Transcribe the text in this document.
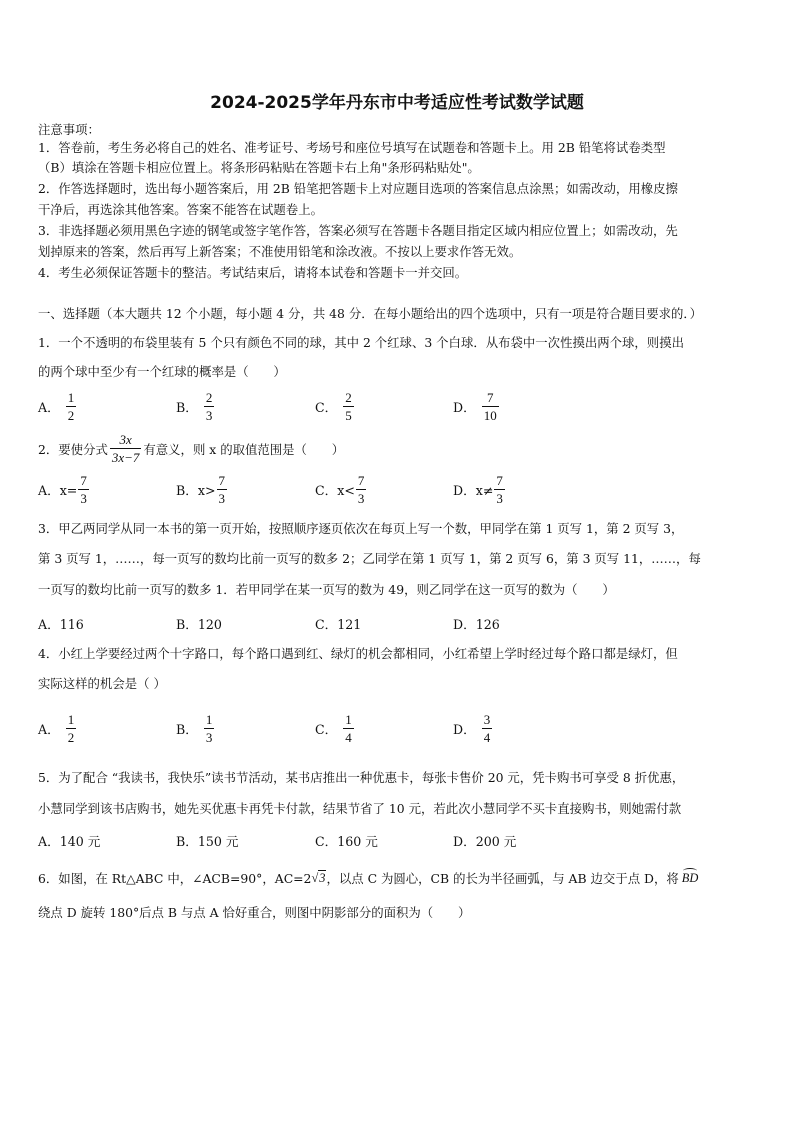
2024-2025学年丹东市中考适应性考试数学试题
注意事项：
1．答卷前，考生务必将自己的姓名、准考证号、考场号和座位号填写在试题卷和答题卡上。用 2B 铅笔将试卷类型
（B）填涂在答题卡相应位置上。将条形码粘贴在答题卡右上角"条形码粘贴处"。
2．作答选择题时，选出每小题答案后，用 2B 铅笔把答题卡上对应题目选项的答案信息点涂黑；如需改动，用橡皮擦
干净后，再选涂其他答案。答案不能答在试题卷上。
3．非选择题必须用黑色字迹的钢笔或签字笔作答，答案必须写在答题卡各题目指定区域内相应位置上；如需改动，先
划掉原来的答案，然后再写上新答案；不准使用铅笔和涂改液。不按以上要求作答无效。
4．考生必须保证答题卡的整洁。考试结束后，请将本试卷和答题卡一并交回。
一、选择题（本大题共 12 个小题，每小题 4 分，共 48 分．在每小题给出的四个选项中，只有一项是符合题目要求的．）
1．一个不透明的布袋里装有 5 个只有颜色不同的球，其中 2 个红球、3 个白球．从布袋中一次性摸出两个球，则摸出
的两个球中至少有一个红球的概率是（　　）
A． $\frac{1}{2}$	B． $\frac{2}{3}$	C． $\frac{2}{5}$	D． $\frac{7}{10}$
2．要使分式 $\frac{3x}{3x-7}$ 有意义，则 x 的取值范围是（　　）
A．$x= \frac{7}{3}$	B．$x> \frac{7}{3}$	C．$x< \frac{7}{3}$	D．$x\ne \frac{7}{3}$
3．甲乙两同学从同一本书的第一页开始，按照顺序逐页依次在每页上写一个数，甲同学在第 1 页写 1，第 2 页写 3，
第 3 页写 1，……，每一页写的数均比前一页写的数多 2；乙同学在第 1 页写 1，第 2 页写 6，第 3 页写 11，……，每
一页写的数均比前一页写的数多 1．若甲同学在某一页写的数为 49，则乙同学在这一页写的数为（　　）
A．116	B．120	C．121	D．126
4．小红上学要经过两个十字路口，每个路口遇到红、绿灯的机会都相同，小红希望上学时经过每个路口都是绿灯，但
实际这样的机会是（ ）
A． $\frac{1}{2}$	B． $\frac{1}{3}$	C． $\frac{1}{4}$	D． $\frac{3}{4}$
5．为了配合 “我读书，我快乐”读书节活动，某书店推出一种优惠卡，每张卡售价 20 元，凭卡购书可享受 8 折优惠，
小慧同学到该书店购书，她先买优惠卡再凭卡付款，结果节省了 10 元，若此次小慧同学不买卡直接购书，则她需付款
A．140 元	B．150 元	C．160 元	D．200 元
6．如图，在 Rt△ABC 中，∠ACB=90°，AC=2 √3 ，以点 C 为圆心，CB 的 长为半径画弧，与 AB 边交于点 D，将 BD
绕点 D 旋转 180°后点 B 与点 A 恰好重合，则图中阴影部分的面积为（　　）
